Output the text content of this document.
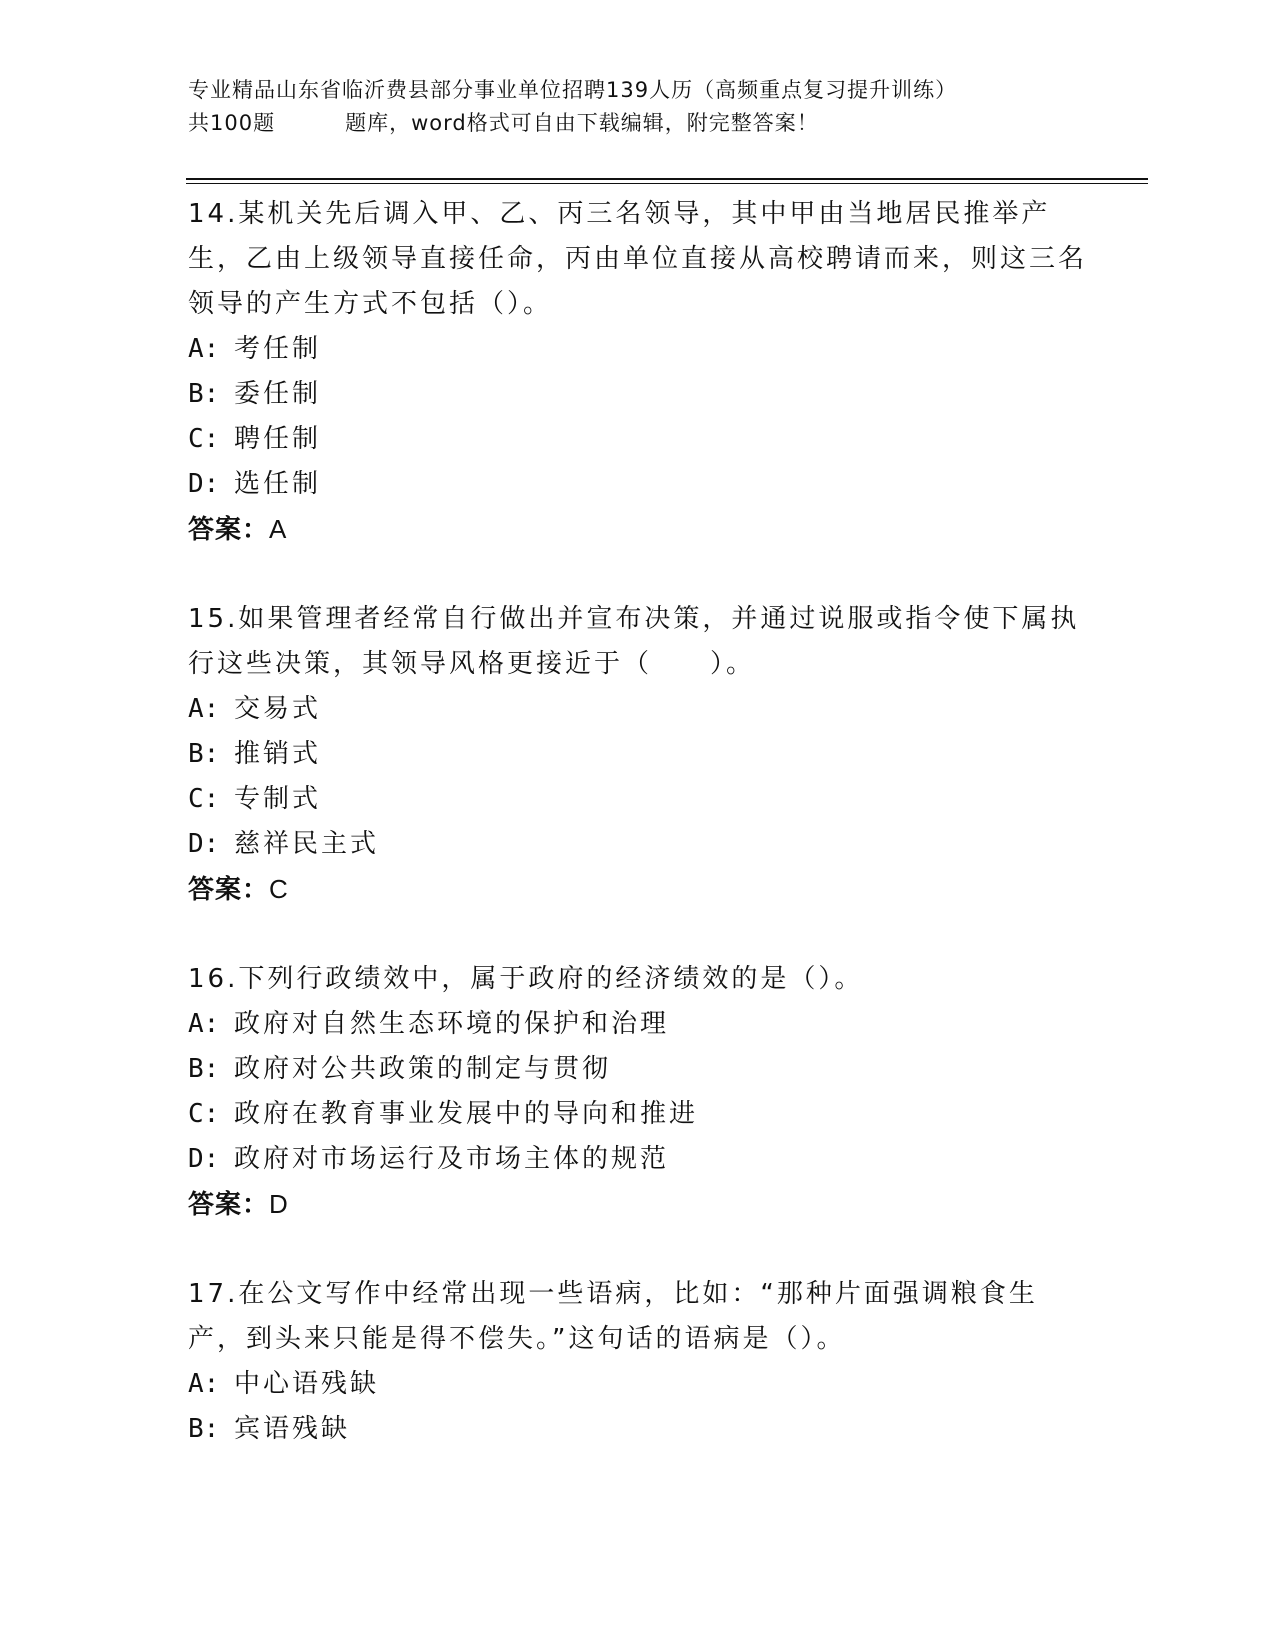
专业精品山东省临沂费县部分事业单位招聘139人历（高频重点复习提升训练）
共100题	题库，word格式可自由下载编辑，附完整答案！

14.某机关先后调入甲、乙、丙三名领导，其中甲由当地居民推举产生，乙由上级领导直接任命，丙由单位直接从高校聘请而来，则这三名领导的产生方式不包括（）。

A: 考任制
B: 委任制
C: 聘任制
D: 选任制

答案：A

15.如果管理者经常自行做出并宣布决策，并通过说服或指令使下属执行这些决策，其领导风格更接近于（　　）。

A: 交易式
B: 推销式
C: 专制式
D: 慈祥民主式

答案：C

16.下列行政绩效中，属于政府的经济绩效的是（）。

A: 政府对自然生态环境的保护和治理
B: 政府对公共政策的制定与贯彻
C: 政府在教育事业发展中的导向和推进
D: 政府对市场运行及市场主体的规范

答案：D

17.在公文写作中经常出现一些语病，比如：“那种片面强调粮食生产，到头来只能是得不偿失。”这句话的语病是（）。

A: 中心语残缺
B: 宾语残缺
